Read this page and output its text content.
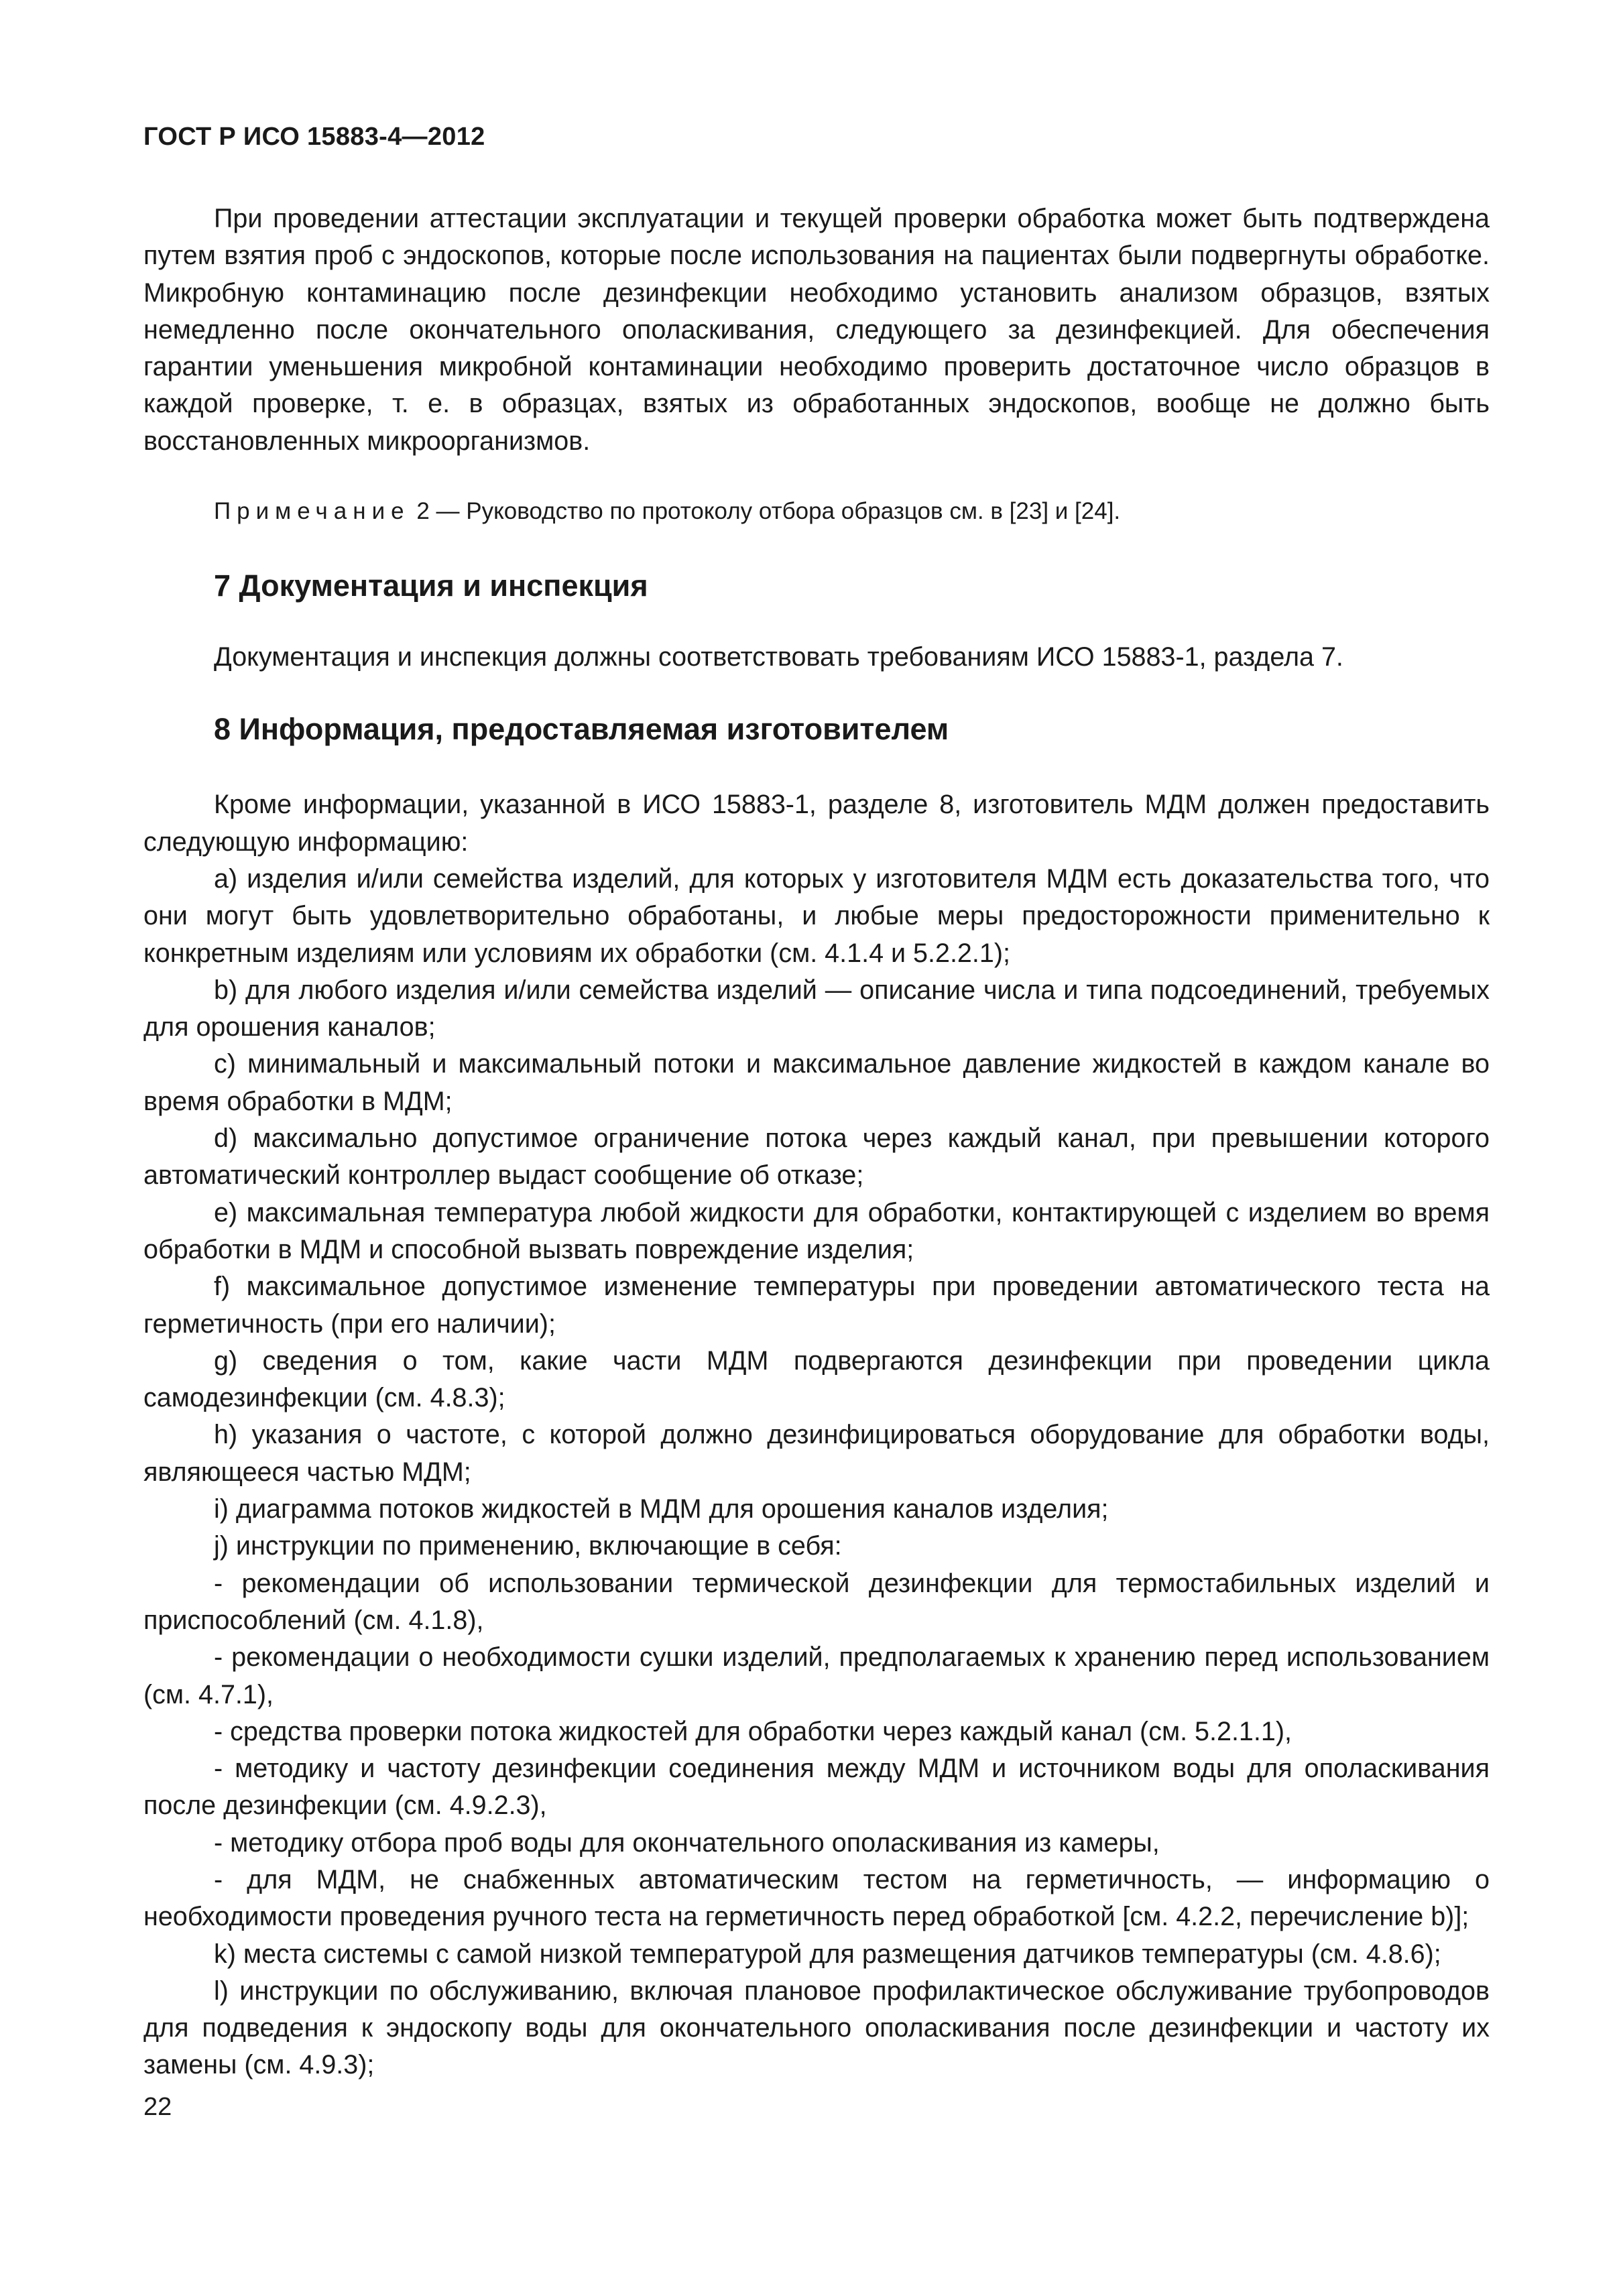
ГОСТ Р ИСО 15883-4—2012

При проведении аттестации эксплуатации и текущей проверки обработка может быть подтверждена путем взятия проб с эндоскопов, которые после использования на пациентах были подвергнуты обработке. Микробную контаминацию после дезинфекции необходимо установить анализом образцов, взятых немедленно после окончательного ополаскивания, следующего за дезинфекцией. Для обеспечения гарантии уменьшения микробной контаминации необходимо проверить достаточное число образцов в каждой проверке, т. е. в образцах, взятых из обработанных эндоскопов, вообще не должно быть восстановленных микроорганизмов.

Примечание 2 — Руководство по протоколу отбора образцов см. в [23] и [24].

7 Документация и инспекция

Документация и инспекция должны соответствовать требованиям ИСО 15883-1, раздела 7.

8 Информация, предоставляемая изготовителем

Кроме информации, указанной в ИСО 15883-1, разделе 8, изготовитель МДМ должен предоставить следующую информацию:

а) изделия и/или семейства изделий, для которых у изготовителя МДМ есть доказательства того, что они могут быть удовлетворительно обработаны, и любые меры предосторожности применительно к конкретным изделиям или условиям их обработки (см. 4.1.4 и 5.2.2.1);

b) для любого изделия и/или семейства изделий — описание числа и типа подсоединений, требуемых для орошения каналов;

c) минимальный и максимальный потоки и максимальное давление жидкостей в каждом канале во время обработки в МДМ;

d) максимально допустимое ограничение потока через каждый канал, при превышении которого автоматический контроллер выдаст сообщение об отказе;

e) максимальная температура любой жидкости для обработки, контактирующей с изделием во время обработки в МДМ и способной вызвать повреждение изделия;

f) максимальное допустимое изменение температуры при проведении автоматического теста на герметичность (при его наличии);

g) сведения о том, какие части МДМ подвергаются дезинфекции при проведении цикла самодезинфекции (см. 4.8.3);

h) указания о частоте, с которой должно дезинфицироваться оборудование для обработки воды, являющееся частью МДМ;

i) диаграмма потоков жидкостей в МДМ для орошения каналов изделия;

j) инструкции по применению, включающие в себя:

- рекомендации об использовании термической дезинфекции для термостабильных изделий и приспособлений (см. 4.1.8),

- рекомендации о необходимости сушки изделий, предполагаемых к хранению перед использованием (см. 4.7.1),

- средства проверки потока жидкостей для обработки через каждый канал (см. 5.2.1.1),

- методику и частоту дезинфекции соединения между МДМ и источником воды для ополаскивания после дезинфекции (см. 4.9.2.3),

- методику отбора проб воды для окончательного ополаскивания из камеры,

- для МДМ, не снабженных автоматическим тестом на герметичность, — информацию о необходимости проведения ручного теста на герметичность перед обработкой [см. 4.2.2, перечисление b)];

k) места системы с самой низкой температурой для размещения датчиков температуры (см. 4.8.6);

l) инструкции по обслуживанию, включая плановое профилактическое обслуживание трубопроводов для подведения к эндоскопу воды для окончательного ополаскивания после дезинфекции и частоту их замены (см. 4.9.3);

22
